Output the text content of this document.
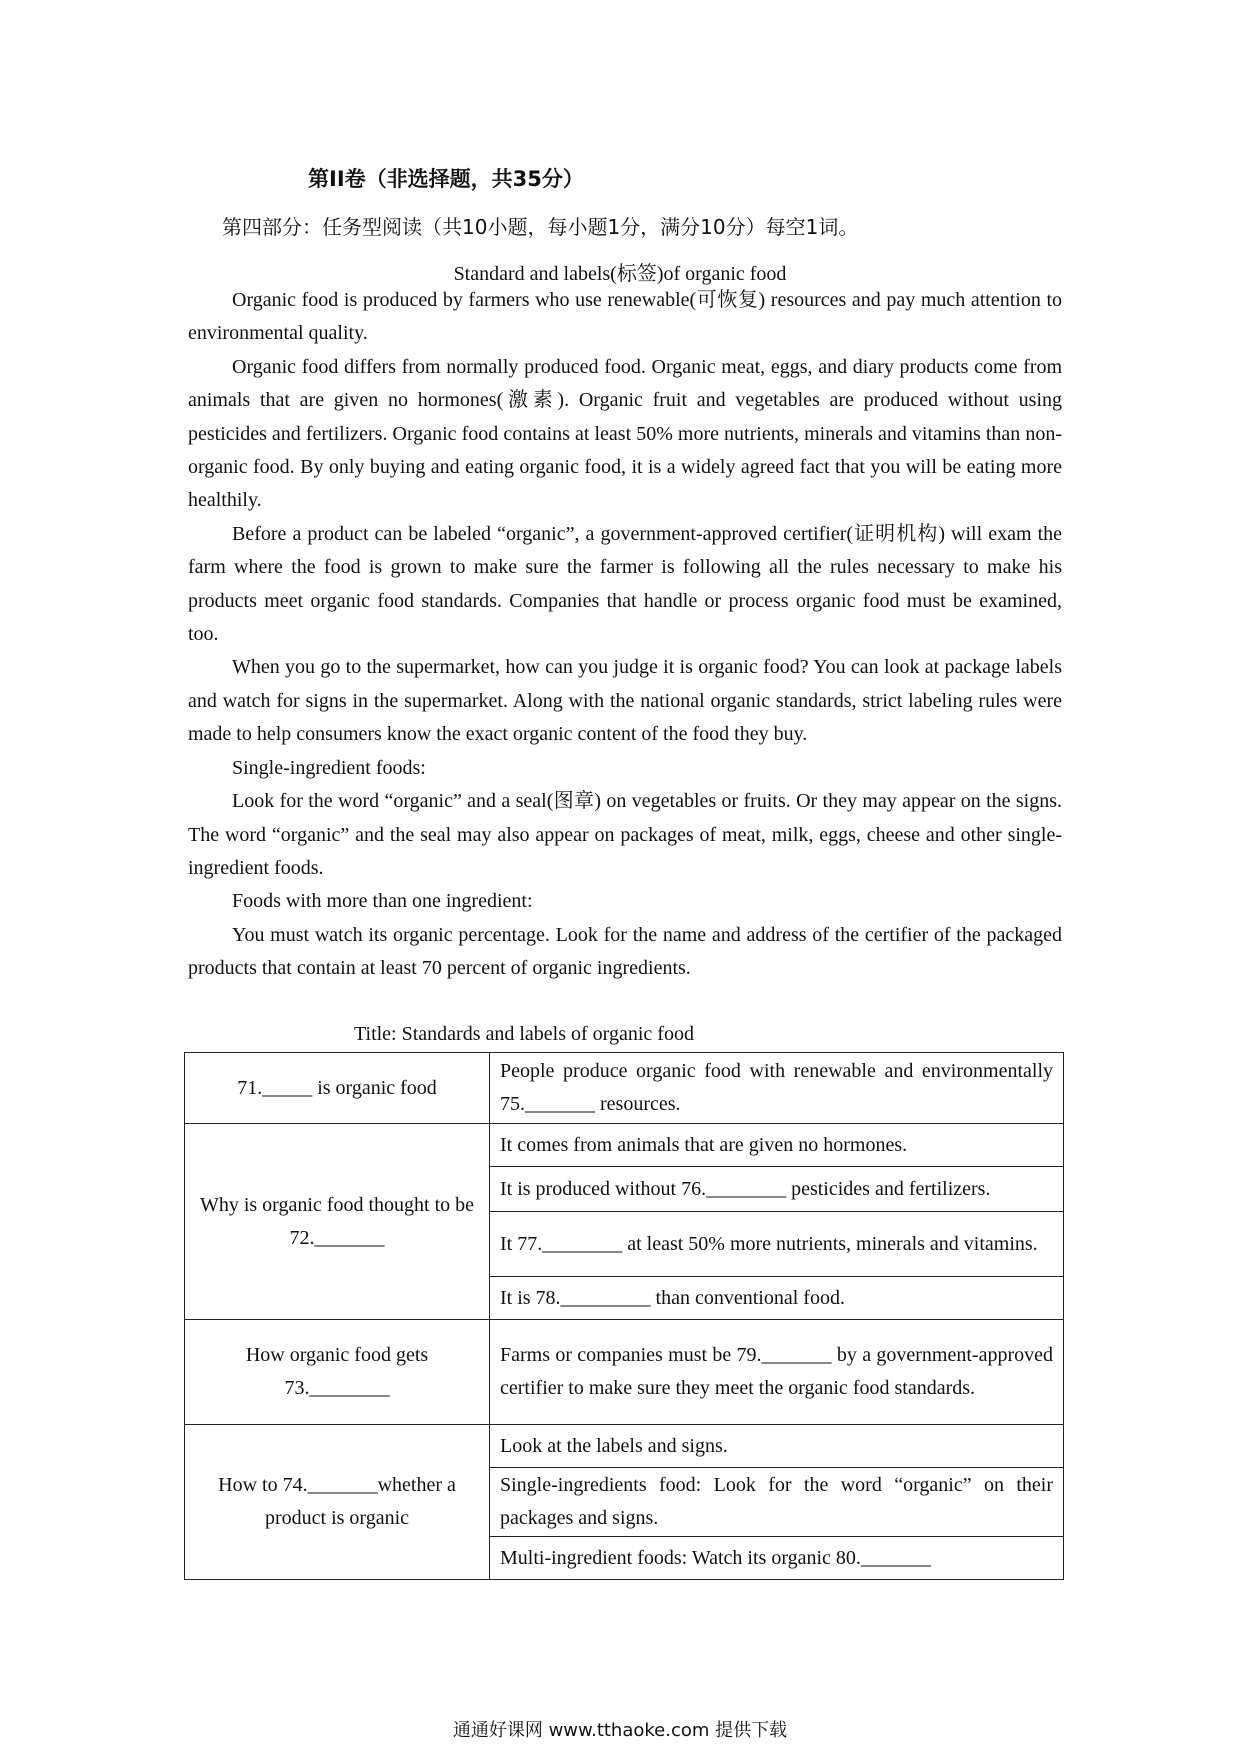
第II卷（非选择题，共35分）
第四部分：任务型阅读（共10小题，每小题1分，满分10分）每空1词。
Standard and labels(标签)of organic food

Organic food is produced by farmers who use renewable(可恢复) resources and pay much attention to environmental quality.

Organic food differs from normally produced food. Organic meat, eggs, and diary products come from animals that are given no hormones(激素). Organic fruit and vegetables are produced without using pesticides and fertilizers. Organic food contains at least 50% more nutrients, minerals and vitamins than non-organic food. By only buying and eating organic food, it is a widely agreed fact that you will be eating more healthily.

Before a product can be labeled “organic”, a government-approved certifier(证明机构) will exam the farm where the food is grown to make sure the farmer is following all the rules necessary to make his products meet organic food standards. Companies that handle or process organic food must be examined, too.

When you go to the supermarket, how can you judge it is organic food? You can look at package labels and watch for signs in the supermarket. Along with the national organic standards, strict labeling rules were made to help consumers know the exact organic content of the food they buy.

Single-ingredient foods:

Look for the word “organic” and a seal(图章) on vegetables or fruits. Or they may appear on the signs. The word “organic” and the seal may also appear on packages of meat, milk, eggs, cheese and other single-ingredient foods.

Foods with more than one ingredient:

You must watch its organic percentage. Look for the name and address of the certifier of the packaged products that contain at least 70 percent of organic ingredients.

Title: Standards and labels of organic food
71._____ is organic food	People produce organic food with renewable and environmentally 75._______ resources.
Why is organic food thought to be 72._______	It comes from animals that are given no hormones.
	It is produced without 76.________ pesticides and fertilizers.
	It 77.________ at least 50% more nutrients, minerals and vitamins.
	It is 78._________ than conventional food.
How organic food gets 73.________	Farms or companies must be 79._______ by a government-approved certifier to make sure they meet the organic food standards.
How to 74._______whether a product is organic	Look at the labels and signs.
	Single-ingredients food: Look for the word “organic” on their packages and signs.
	Multi-ingredient foods: Watch its organic 80._______
通通好课网 www.tthaoke.com 提供下载
